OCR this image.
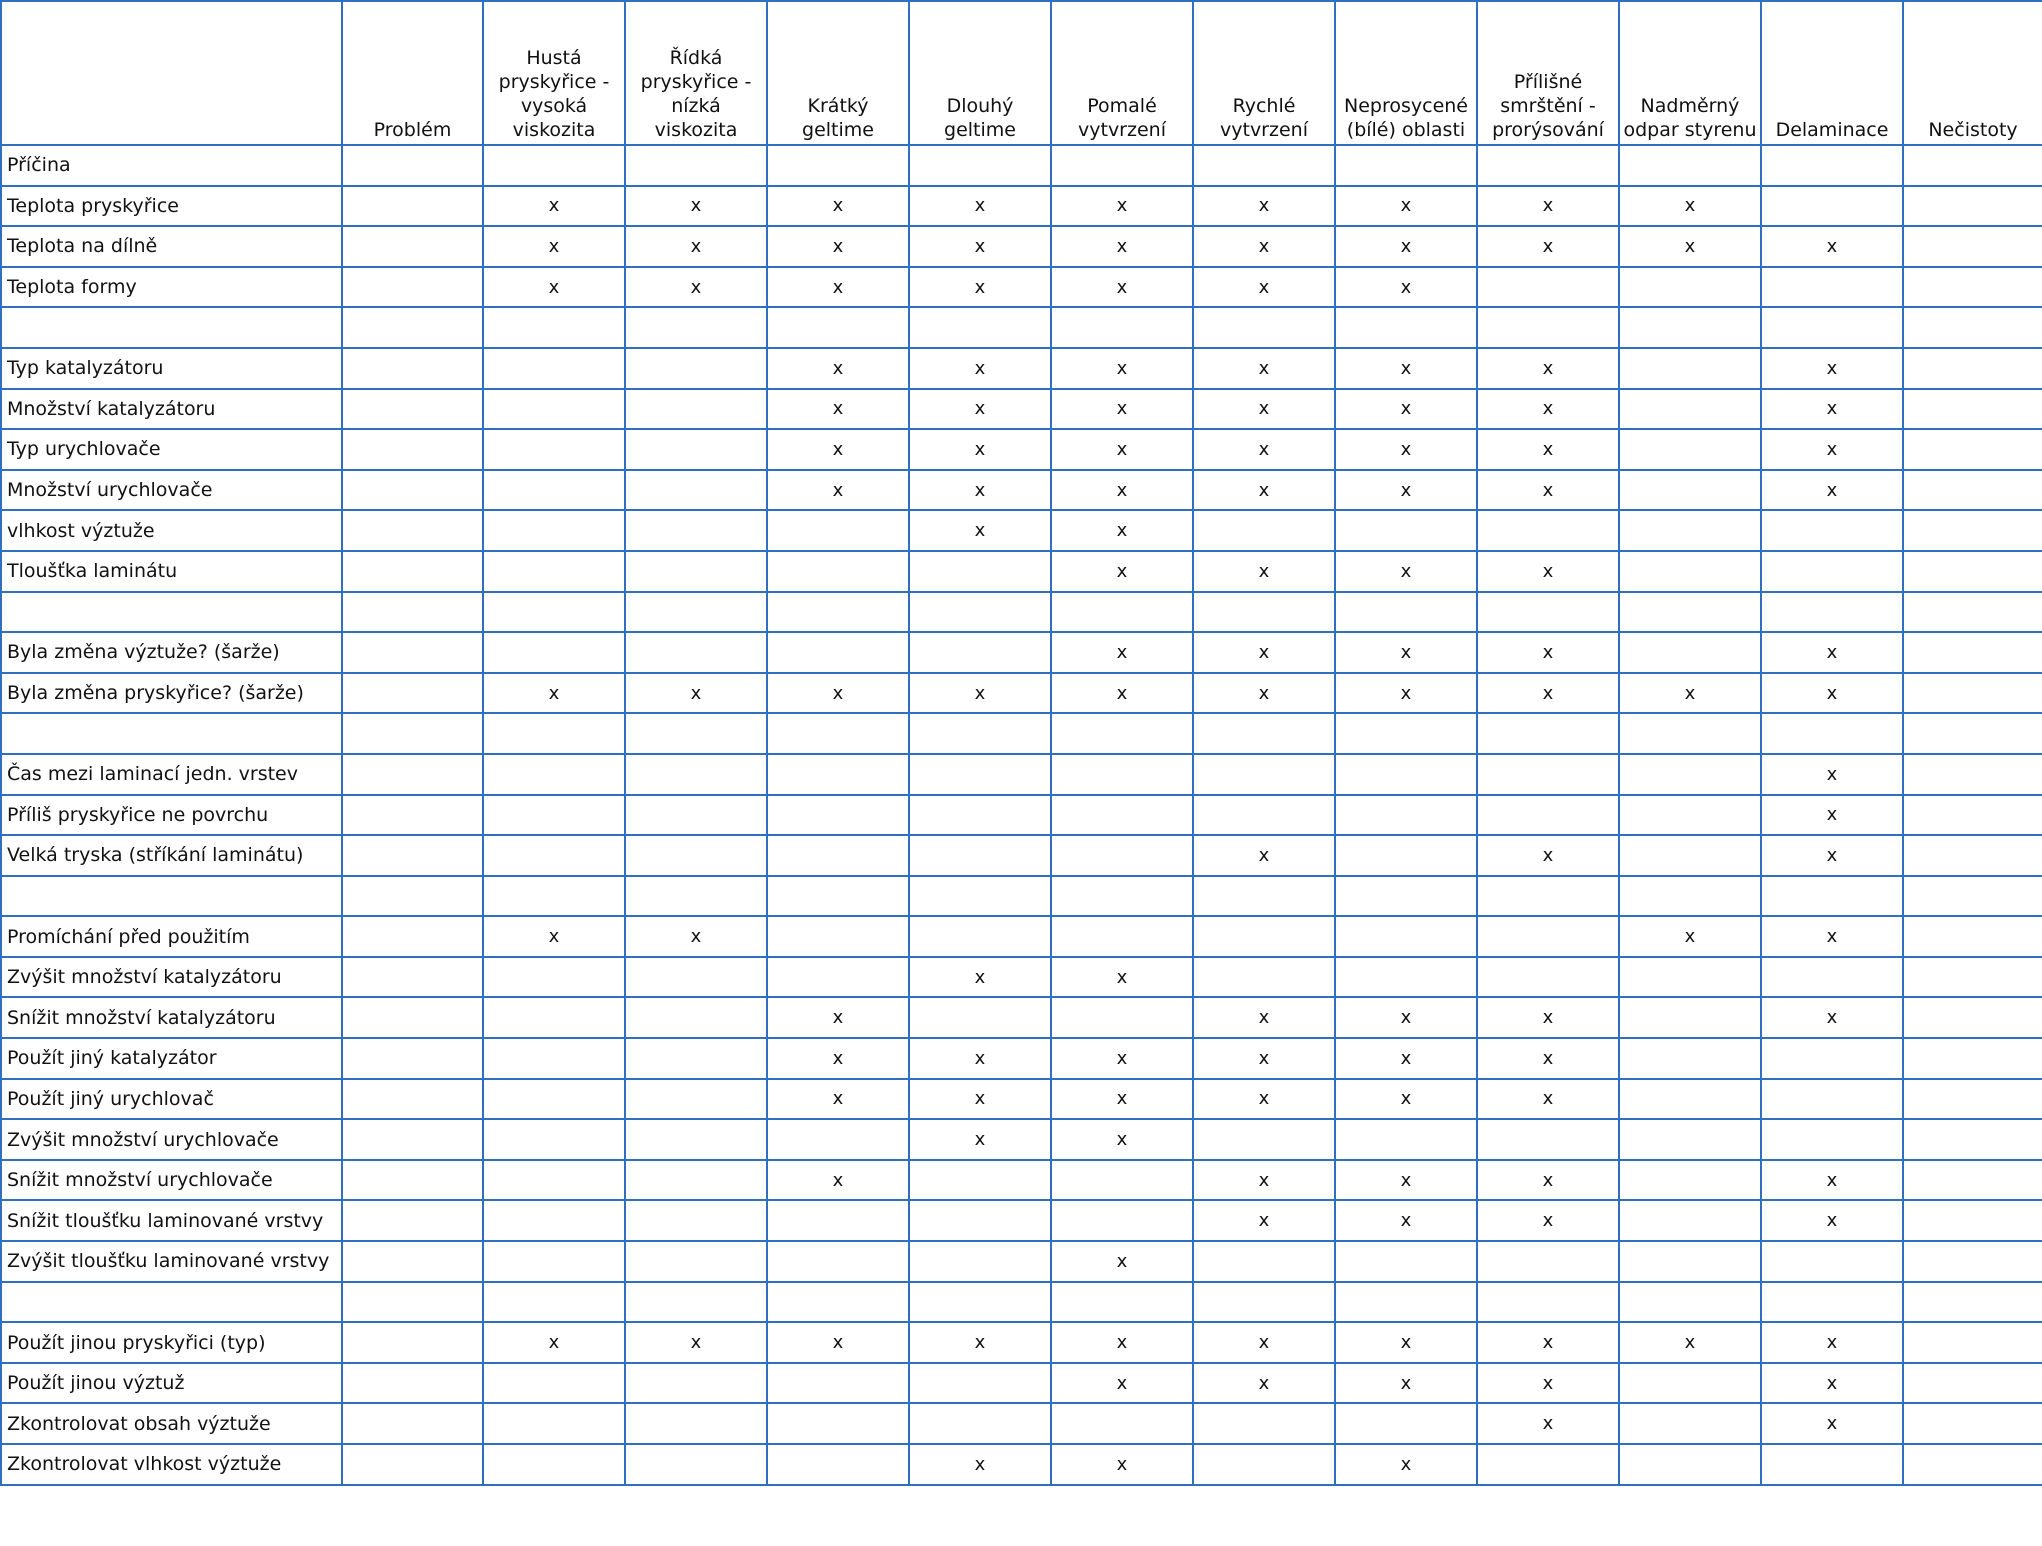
	Problém	Hustá pryskyřice - vysoká viskozita	Řídká pryskyřice - nízká viskozita	Krátký geltime	Dlouhý geltime	Pomalé vytvrzení	Rychlé vytvrzení	Neprosycené (bílé) oblasti	Přílišné smrštění - prorýsování	Nadměrný odpar styrenu	Delaminace	Nečistoty
Příčina												
Teplota pryskyřice		x	x	x	x	x	x	x	x	x		
Teplota na dílně		x	x	x	x	x	x	x	x	x	x	
Teplota formy		x	x	x	x	x	x	x				

Typ katalyzátoru				x	x	x	x	x	x		x	
Množství katalyzátoru				x	x	x	x	x	x		x	
Typ urychlovače				x	x	x	x	x	x		x	
Množství urychlovače				x	x	x	x	x	x		x	
vlhkost výztuže					x	x						
Tloušťka laminátu						x	x	x	x			

Byla změna výztuže? (šarže)						x	x	x	x		x	
Byla změna pryskyřice? (šarže)		x	x	x	x	x	x	x	x	x	x	

Čas mezi laminací jedn. vrstev											x	
Příliš pryskyřice ne povrchu											x	
Velká tryska (stříkání laminátu)							x		x		x	

Promíchání před použitím		x	x							x	x	
Zvýšit množství katalyzátoru					x	x						
Snížit množství katalyzátoru				x			x	x	x		x	
Použít jiný katalyzátor				x	x	x	x	x	x			
Použít jiný urychlovač				x	x	x	x	x	x			
Zvýšit množství urychlovače					x	x						
Snížit množství urychlovače				x			x	x	x		x	
Snížit tloušťku laminované vrstvy							x	x	x		x	
Zvýšit tloušťku laminované vrstvy						x						

Použít jinou pryskyřici (typ)		x	x	x	x	x	x	x	x	x	x	
Použít jinou výztuž						x	x	x	x		x	
Zkontrolovat obsah výztuže									x		x	
Zkontrolovat vlhkost výztuže					x	x		x				
